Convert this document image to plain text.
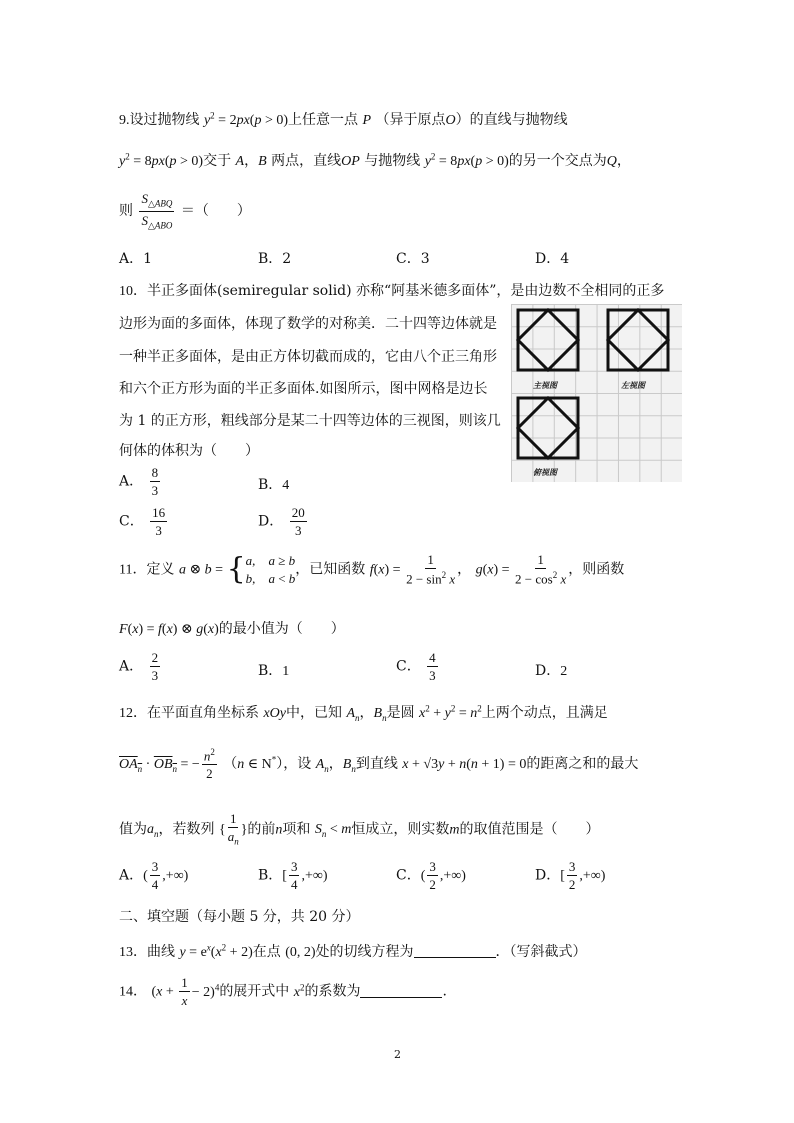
9.设过抛物线 $y^2 = 2px(p > 0)$上任意一点 P （异于原点O）的直线与抛物线
$y^2 = 8px(p > 0)$交于 A，B 两点，直线OP 与抛物线 $y^2 = 8px(p > 0)$的另一个交点为Q，
则 $\frac{S_{\triangle ABQ}}{S_{\triangle ABO}}$ ＝（　　）
A．1	B．2	C．3	D．4
10．半正多面体(semiregular solid) 亦称“阿基米德多面体”，是由边数不全相同的正多
边形为面的多面体，体现了数学的对称美．二十四等边体就是
一种半正多面体，是由正方体切截而成的，它由八个正三角形
和六个正方形为面的半正多面体.如图所示，图中网格是边长
为 1 的正方形，粗线部分是某二十四等边体的三视图，则该几
何体的体积为（　　）
主视图	左视图
俯视图
A． $\frac{8}{3}$	B．4
C． $\frac{16}{3}$	D． $\frac{20}{3}$
11．定义 a ⊗ b = { a,　a ≥ b
b,　a < b
，已知函数 $f(x) = \frac{1}{2 - \sin^2 x}$ ， $g(x) = \frac{1}{2 - \cos^2 x}$ ，则函数
F(x) = f(x) ⊗ g(x)的最小值为（　　）
A． $\frac{2}{3}$	B．1	C． $\frac{4}{3}$	D．2
12．在平面直角坐标系 xOy中，已知 $A_n$，$B_n$是圆 $x^2 + y^2 = n^2$上两个动点，且满足
$OA_n \cdot OB_n$ = − $\frac{n^2}{2} (n$ ∈ N*），设 $A_n$，$B_n$到直线 x + √3y + n(n + 1) = 0的距离之和的最大
值为$a_n$，若数列 { $\frac{1}{a_n}$ }的前n项和 $S_n < m$恒成立，则实数m的取值范围是（　　）
A．( $\frac{3}{4}$ ,+∞)	B．[ $\frac{3}{4}$ ,+∞)	C．( $\frac{3}{2}$ ,+∞)	D．[ $\frac{3}{2}$ ,+∞)
二、填空题（每小题 5 分，共 20 分）
13．曲线 $y = e^x(x^2 + 2)$在点 (0, 2)处的切线方程为	．（写斜截式）
14． $(x + \frac{1}{x} - 2)^4$的展开式中 $x^2$的系数为	.
2
